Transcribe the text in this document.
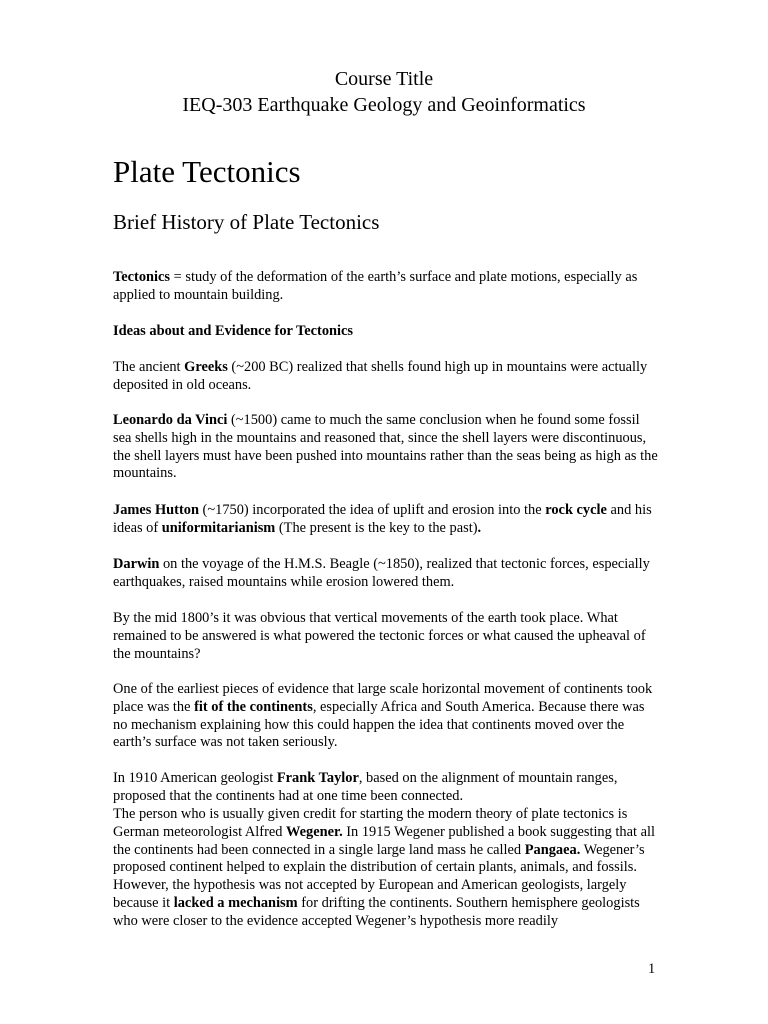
Course Title
IEQ-303 Earthquake Geology and Geoinformatics
Plate Tectonics
Brief History of Plate Tectonics
Tectonics = study of the deformation of the earth’s surface and plate motions, especially as applied to mountain building.
Ideas about and Evidence for Tectonics
The ancient Greeks (~200 BC) realized that shells found high up in mountains were actually deposited in old oceans.
Leonardo da Vinci (~1500) came to much the same conclusion when he found some fossil sea shells high in the mountains and reasoned that, since the shell layers were discontinuous, the shell layers must have been pushed into mountains rather than the seas being as high as the mountains.
James Hutton (~1750) incorporated the idea of uplift and erosion into the rock cycle and his ideas of uniformitarianism (The present is the key to the past).
Darwin on the voyage of the H.M.S. Beagle (~1850), realized that tectonic forces, especially earthquakes, raised mountains while erosion lowered them.
By the mid 1800’s it was obvious that vertical movements of the earth took place. What remained to be answered is what powered the tectonic forces or what caused the upheaval of the mountains?
One of the earliest pieces of evidence that large scale horizontal movement of continents took place was the fit of the continents, especially Africa and South America. Because there was no mechanism explaining how this could happen the idea that continents moved over the earth’s surface was not taken seriously.
In 1910 American geologist Frank Taylor, based on the alignment of mountain ranges, proposed that the continents had at one time been connected.
The person who is usually given credit for starting the modern theory of plate tectonics is German meteorologist Alfred Wegener. In 1915 Wegener published a book suggesting that all the continents had been connected in a single large land mass he called Pangaea. Wegener’s proposed continent helped to explain the distribution of certain plants, animals, and fossils. However, the hypothesis was not accepted by European and American geologists, largely because it lacked a mechanism for drifting the continents. Southern hemisphere geologists who were closer to the evidence accepted Wegener’s hypothesis more readily
1
